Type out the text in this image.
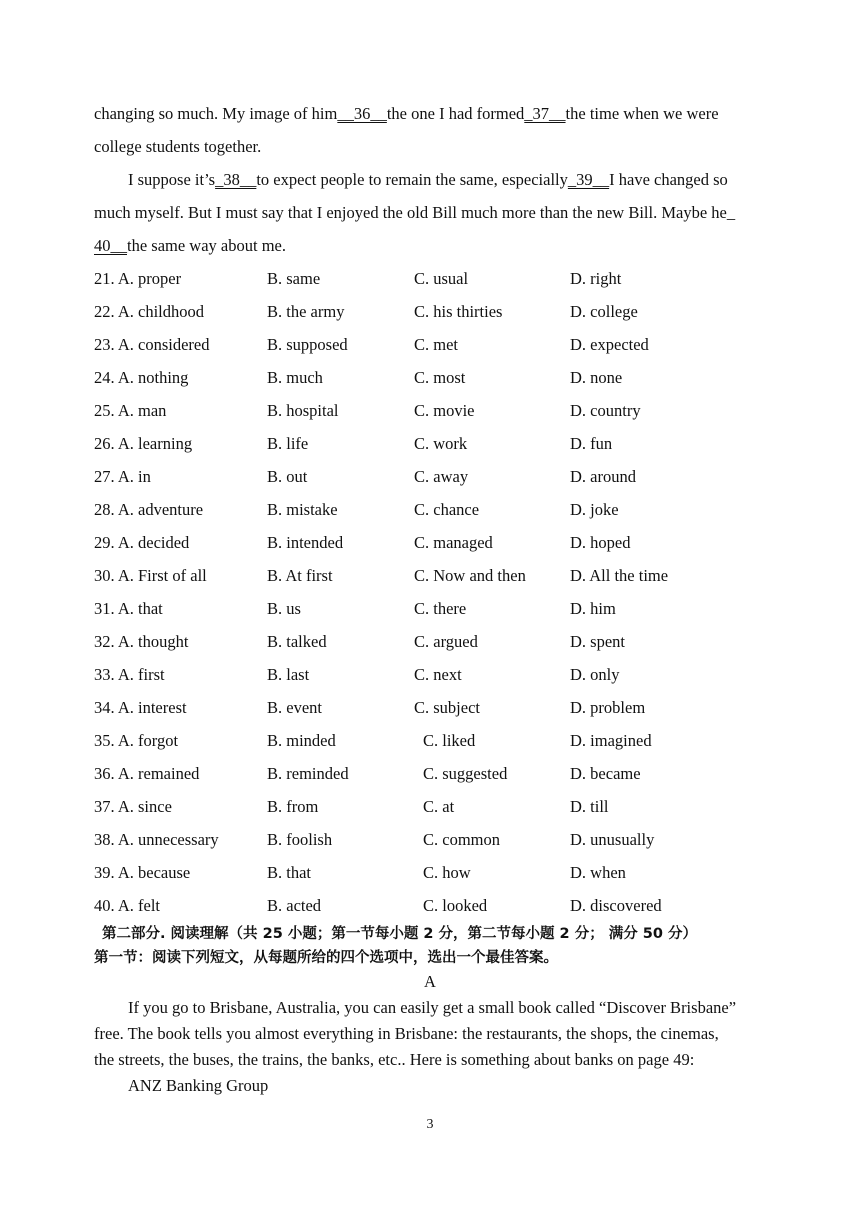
changing so much. My image of him__36__the one I had formed_37__the time when we were
college students together.
I suppose it’s_38__to expect people to remain the same, especially_39__I have changed so
much myself. But I must say that I enjoyed the old Bill much more than the new Bill. Maybe he_
40__the same way about me.
21. A. proper	B. same	C. usual	D. right
22. A. childhood	B. the army	C. his thirties	D. college
23. A. considered	B. supposed	C. met	D. expected
24. A. nothing	B. much	C. most	D. none
25. A. man	B. hospital	C. movie	D. country
26. A. learning	B. life	C. work	D. fun
27. A. in	B. out	C. away	D. around
28. A. adventure	B. mistake	C. chance	D. joke
29. A. decided	B. intended	C. managed	D. hoped
30. A. First of all	B. At first	C. Now and then	D. All the time
31. A. that	B. us	C. there	D. him
32. A. thought	B. talked	C. argued	D. spent
33. A. first	B. last	C. next	D. only
34. A. interest	B. event	C. subject	D. problem
35. A. forgot	B. minded	C. liked	D. imagined
36. A. remained	B. reminded	C. suggested	D. became
37. A. since	B. from	C. at	D. till
38. A. unnecessary	B. foolish	C. common	D. unusually
39. A. because	B. that	C. how	D. when
40. A. felt	B. acted	C. looked	D. discovered
第二部分. 阅读理解（共 25 小题；第一节每小题 2 分，第二节每小题 2 分； 满分 50 分）
第一节：阅读下列短文，从每题所给的四个选项中，选出一个最佳答案。
A
If you go to Brisbane, Australia, you can easily get a small book called “Discover Brisbane”
free. The book tells you almost everything in Brisbane: the restaurants, the shops, the cinemas,
the streets, the buses, the trains, the banks, etc.. Here is something about banks on page 49:
ANZ Banking Group
3
